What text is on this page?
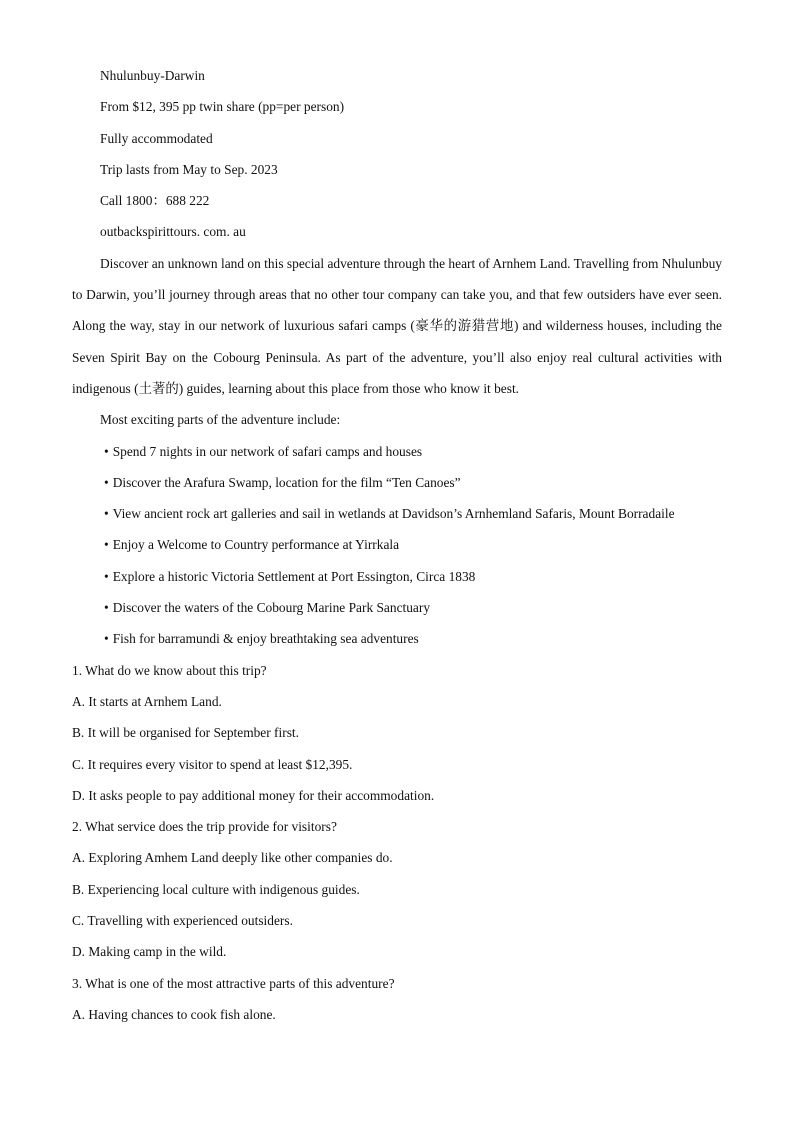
Nhulunbuy-Darwin
From $12, 395 pp twin share (pp=per person)
Fully accommodated
Trip lasts from May to Sep. 2023
Call 1800：688 222
outbackspirittours. com. au

Discover an unknown land on this special adventure through the heart of Arnhem Land. Travelling from Nhulunbuy to Darwin, you’ll journey through areas that no other tour company can take you, and that few outsiders have ever seen. Along the way, stay in our network of luxurious safari camps (豪华的游猎营地) and wilderness houses, including the Seven Spirit Bay on the Cobourg Peninsula. As part of the adventure, you’ll also enjoy real cultural activities with indigenous (土著的) guides, learning about this place from those who know it best.

Most exciting parts of the adventure include:
• Spend 7 nights in our network of safari camps and houses
• Discover the Arafura Swamp, location for the film “Ten Canoes”
• View ancient rock art galleries and sail in wetlands at Davidson’s Arnhemland Safaris, Mount Borradaile
• Enjoy a Welcome to Country performance at Yirrkala
• Explore a historic Victoria Settlement at Port Essington, Circa 1838
• Discover the waters of the Cobourg Marine Park Sanctuary
• Fish for barramundi & enjoy breathtaking sea adventures
1. What do we know about this trip?
A. It starts at Arnhem Land.
B. It will be organised for September first.
C. It requires every visitor to spend at least $12,395.
D. It asks people to pay additional money for their accommodation.
2. What service does the trip provide for visitors?
A. Exploring Amhem Land deeply like other companies do.
B. Experiencing local culture with indigenous guides.
C. Travelling with experienced outsiders.
D. Making camp in the wild.
3. What is one of the most attractive parts of this adventure?
A. Having chances to cook fish alone.
